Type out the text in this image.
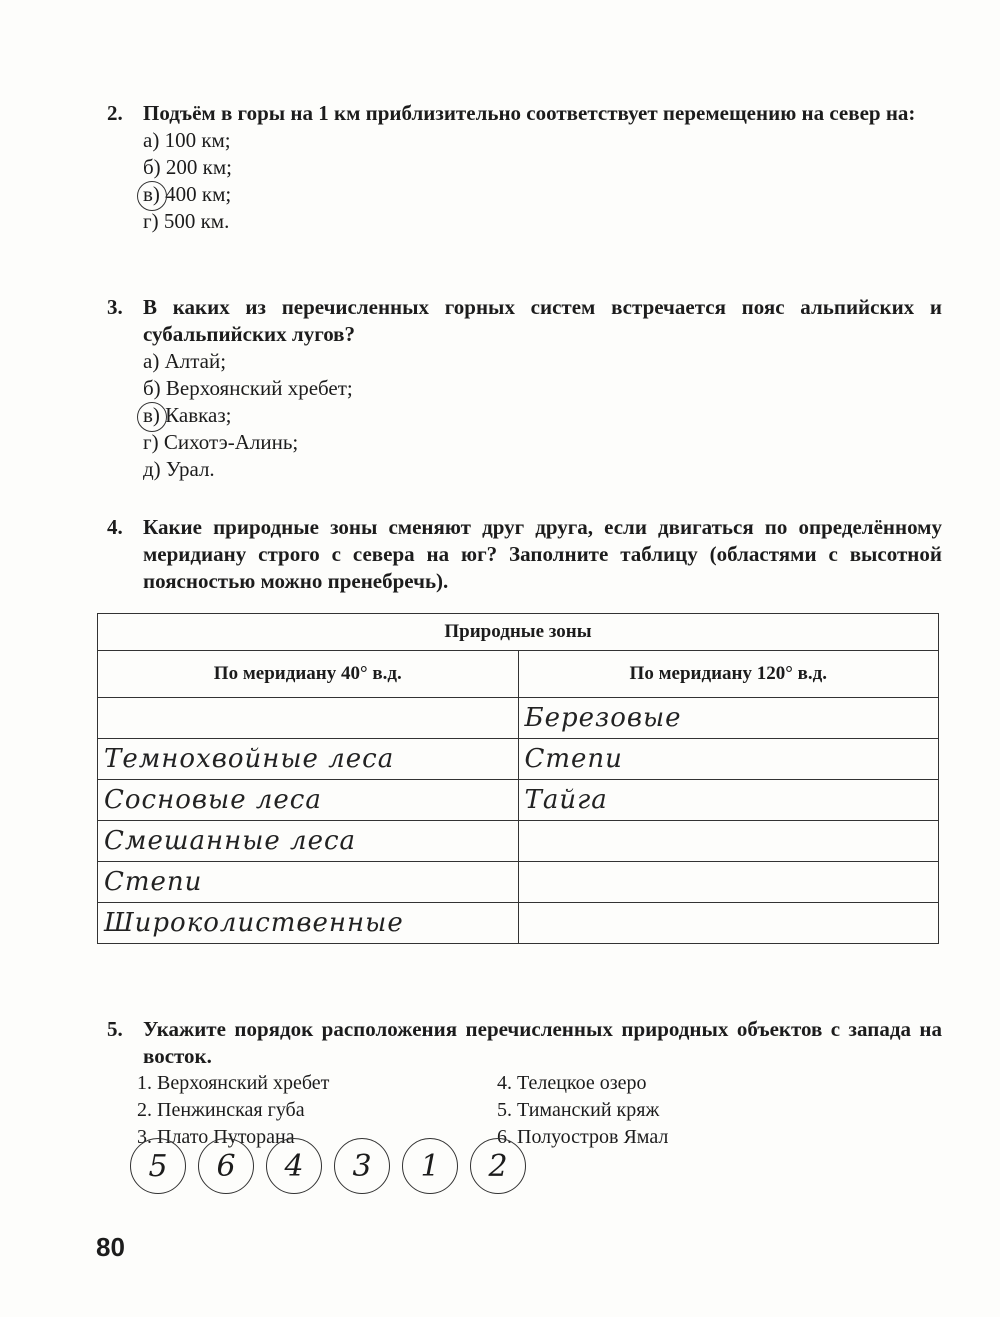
2. Подъём в горы на 1 км приблизительно соответствует перемещению на север на:
а) 100 км;
б) 200 км;
в) 400 км;
г) 500 км.
3. В каких из перечисленных горных систем встречается пояс альпийских и субальпийских лугов?
а) Алтай;
б) Верхоянский хребет;
в) Кавказ;
г) Сихотэ-Алинь;
д) Урал.
4. Какие природные зоны сменяют друг друга, если двигаться по определённому меридиану строго с севера на юг? Заполните таблицу (областями с высотной поясностью можно пренебречь).
Природные зоны	
По меридиану 40° в.д.	По меридиану 120° в.д.
	Березовые
Темнохвойные леса	Степи
Сосновые леса	Тайга
Смешанные леса	
Степи	
Широколиственные	
5. Укажите порядок расположения перечисленных природных объектов с запада на восток.
1. Верхоянский хребет
2. Пенжинская губа
3. Плато Путорана
4. Телецкое озеро
5. Тиманский кряж
6. Полуостров Ямал
5	6	4	3	1	2
80
